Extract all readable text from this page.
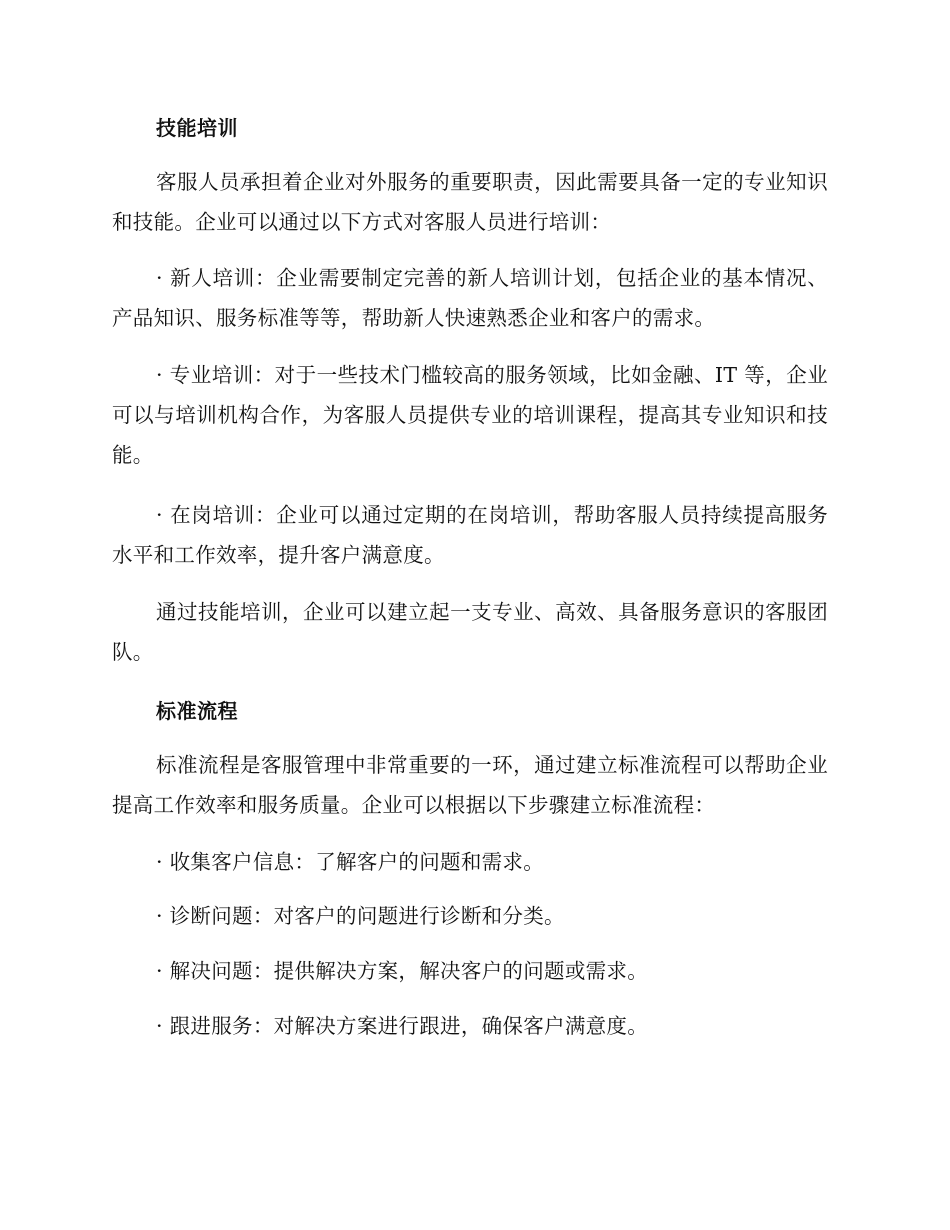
技能培训

客服人员承担着企业对外服务的重要职责，因此需要具备一定的专业知识和技能。企业可以通过以下方式对客服人员进行培训：

· 新人培训：企业需要制定完善的新人培训计划，包括企业的基本情况、产品知识、服务标准等等，帮助新人快速熟悉企业和客户的需求。

· 专业培训：对于一些技术门槛较高的服务领域，比如金融、IT 等，企业可以与培训机构合作，为客服人员提供专业的培训课程，提高其专业知识和技能。

· 在岗培训：企业可以通过定期的在岗培训，帮助客服人员持续提高服务水平和工作效率，提升客户满意度。

通过技能培训，企业可以建立起一支专业、高效、具备服务意识的客服团队。

标准流程

标准流程是客服管理中非常重要的一环，通过建立标准流程可以帮助企业提高工作效率和服务质量。企业可以根据以下步骤建立标准流程：

· 收集客户信息：了解客户的问题和需求。

· 诊断问题：对客户的问题进行诊断和分类。

· 解决问题：提供解决方案，解决客户的问题或需求。

· 跟进服务：对解决方案进行跟进，确保客户满意度。
